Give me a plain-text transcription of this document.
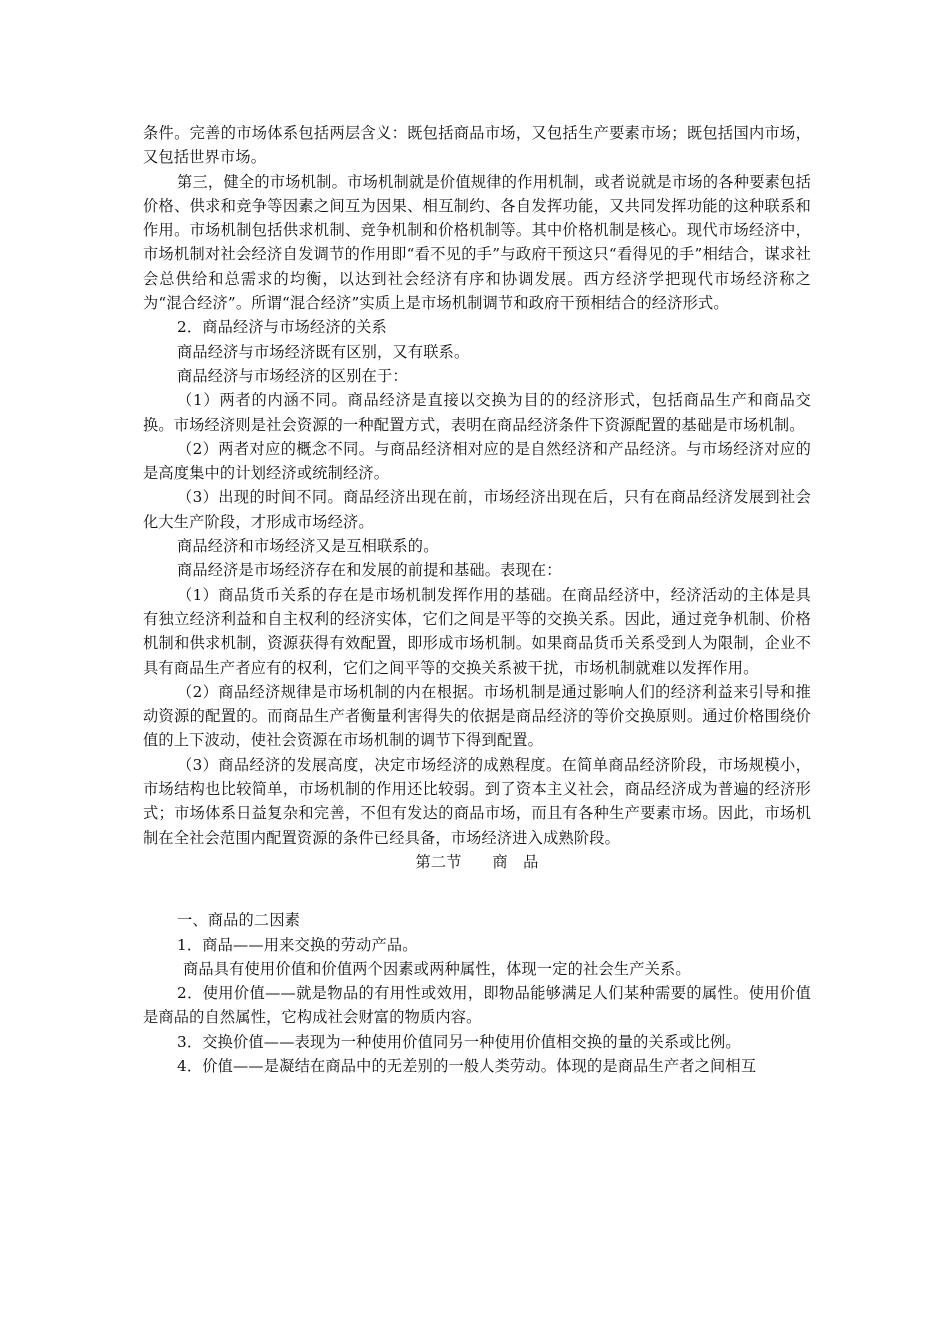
条件。完善的市场体系包括两层含义：既包括商品市场，又包括生产要素市场；既包括国内市场，又包括世界市场。

第三，健全的市场机制。市场机制就是价值规律的作用机制，或者说就是市场的各种要素包括价格、供求和竞争等因素之间互为因果、相互制约、各自发挥功能，又共同发挥功能的这种联系和作用。市场机制包括供求机制、竞争机制和价格机制等。其中价格机制是核心。现代市场经济中，市场机制对社会经济自发调节的作用即“看不见的手”与政府干预这只“看得见的手”相结合，谋求社会总供给和总需求的均衡，以达到社会经济有序和协调发展。西方经济学把现代市场经济称之为“混合经济”。所谓“混合经济”实质上是市场机制调节和政府干预相结合的经济形式。

2．商品经济与市场经济的关系

商品经济与市场经济既有区别，又有联系。

商品经济与市场经济的区别在于：

（1）两者的内涵不同。商品经济是直接以交换为目的的经济形式，包括商品生产和商品交换。市场经济则是社会资源的一种配置方式，表明在商品经济条件下资源配置的基础是市场机制。

（2）两者对应的概念不同。与商品经济相对应的是自然经济和产品经济。与市场经济对应的是高度集中的计划经济或统制经济。

（3）出现的时间不同。商品经济出现在前，市场经济出现在后，只有在商品经济发展到社会化大生产阶段，才形成市场经济。

商品经济和市场经济又是互相联系的。

商品经济是市场经济存在和发展的前提和基础。表现在：

（1）商品货币关系的存在是市场机制发挥作用的基础。在商品经济中，经济活动的主体是具有独立经济利益和自主权利的经济实体，它们之间是平等的交换关系。因此，通过竞争机制、价格机制和供求机制，资源获得有效配置，即形成市场机制。如果商品货币关系受到人为限制，企业不具有商品生产者应有的权利，它们之间平等的交换关系被干扰，市场机制就难以发挥作用。

（2）商品经济规律是市场机制的内在根据。市场机制是通过影响人们的经济利益来引导和推动资源的配置的。而商品生产者衡量利害得失的依据是商品经济的等价交换原则。通过价格围绕价值的上下波动，使社会资源在市场机制的调节下得到配置。

（3）商品经济的发展高度，决定市场经济的成熟程度。在简单商品经济阶段，市场规模小，市场结构也比较简单，市场机制的作用还比较弱。到了资本主义社会，商品经济成为普遍的经济形式；市场体系日益复杂和完善，不但有发达的商品市场，而且有各种生产要素市场。因此，市场机制在全社会范围内配置资源的条件已经具备，市场经济进入成熟阶段。

第二节　　商　品

一、商品的二因素

1．商品——用来交换的劳动产品。

商品具有使用价值和价值两个因素或两种属性，体现一定的社会生产关系。

2．使用价值——就是物品的有用性或效用，即物品能够满足人们某种需要的属性。使用价值是商品的自然属性，它构成社会财富的物质内容。

3．交换价值——表现为一种使用价值同另一种使用价值相交换的量的关系或比例。

4．价值——是凝结在商品中的无差别的一般人类劳动。体现的是商品生产者之间相互
